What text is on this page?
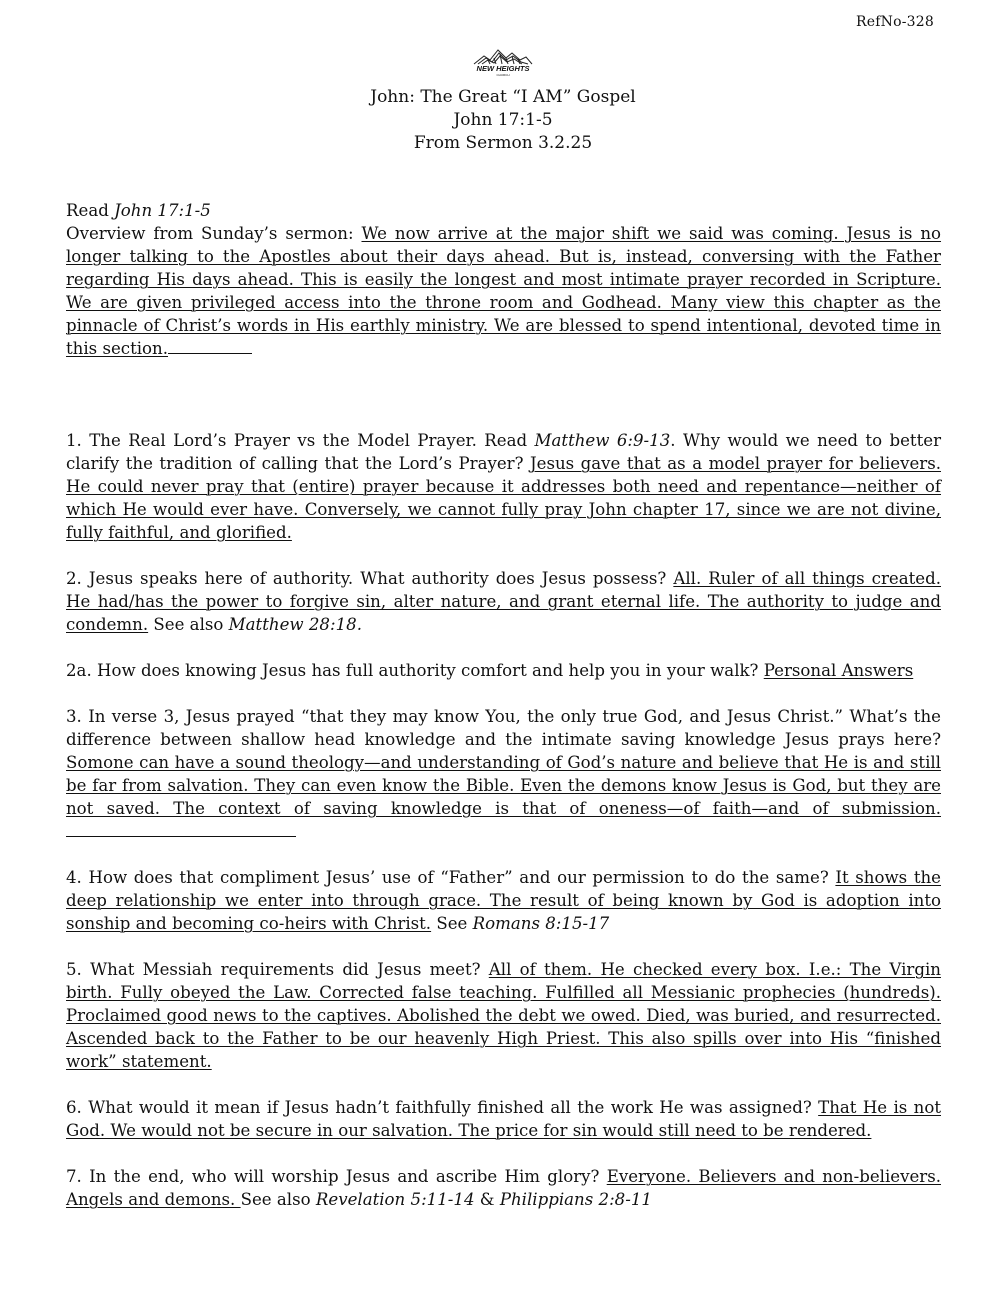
RefNo-328
NEW HEIGHTS
CHURCH
John: The Great “I AM” Gospel
John 17:1-5
From Sermon 3.2.25

Read John 17:1-5

Overview from Sunday’s sermon: We now arrive at the major shift we said was coming. Jesus is no longer talking to the Apostles about their days ahead. But is, instead, conversing with the Father regarding His days ahead. This is easily the longest and most intimate prayer recorded in Scripture. We are given privileged access into the throne room and Godhead. Many view this chapter as the pinnacle of Christ’s words in His earthly ministry. We are blessed to spend intentional, devoted time in this section.

1. The Real Lord’s Prayer vs the Model Prayer. Read Matthew 6:9-13. Why would we need to better clarify the tradition of calling that the Lord’s Prayer? Jesus gave that as a model prayer for believers. He could never pray that (entire) prayer because it addresses both need and repentance—neither of which He would ever have. Conversely, we cannot fully pray John chapter 17, since we are not divine, fully faithful, and glorified.

2. Jesus speaks here of authority. What authority does Jesus possess? All. Ruler of all things created. He had/has the power to forgive sin, alter nature, and grant eternal life. The authority to judge and condemn. See also Matthew 28:18.

2a. How does knowing Jesus has full authority comfort and help you in your walk? Personal Answers

3. In verse 3, Jesus prayed “that they may know You, the only true God, and Jesus Christ.” What’s the difference between shallow head knowledge and the intimate saving knowledge Jesus prays here? Somone can have a sound theology—and understanding of God’s nature and believe that He is and still be far from salvation. They can even know the Bible. Even the demons know Jesus is God, but they are not saved. The context of saving knowledge is that of oneness—of faith—and of submission.

4. How does that compliment Jesus’ use of “Father” and our permission to do the same? It shows the deep relationship we enter into through grace. The result of being known by God is adoption into sonship and becoming co-heirs with Christ. See Romans 8:15-17

5. What Messiah requirements did Jesus meet? All of them. He checked every box. I.e.: The Virgin birth. Fully obeyed the Law. Corrected false teaching. Fulfilled all Messianic prophecies (hundreds). Proclaimed good news to the captives. Abolished the debt we owed. Died, was buried, and resurrected. Ascended back to the Father to be our heavenly High Priest. This also spills over into His “finished work” statement.

6. What would it mean if Jesus hadn’t faithfully finished all the work He was assigned? That He is not God. We would not be secure in our salvation. The price for sin would still need to be rendered.

7. In the end, who will worship Jesus and ascribe Him glory? Everyone. Believers and non-believers. Angels and demons. See also Revelation 5:11-14 & Philippians 2:8-11
